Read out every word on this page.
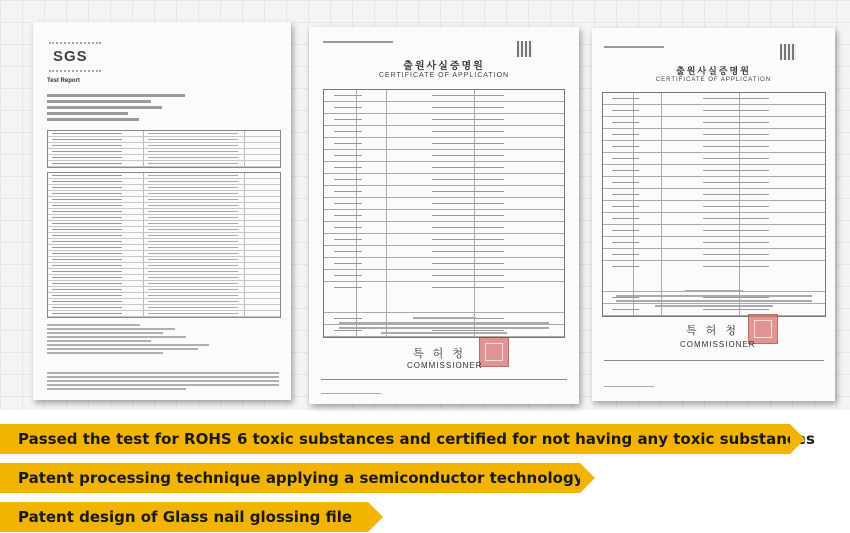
SGS
Test Report
출원사실증명원
CERTIFICATE OF APPLICATION
특 허 청
COMMISSIONER
출원사실증명원
CERTIFICATE OF APPLICATION
특 허 청
COMMISSIONER
Passed the test for ROHS 6 toxic substances and certified for not having any toxic substances
Patent processing technique applying a semiconductor technology
Patent design of Glass nail glossing file
